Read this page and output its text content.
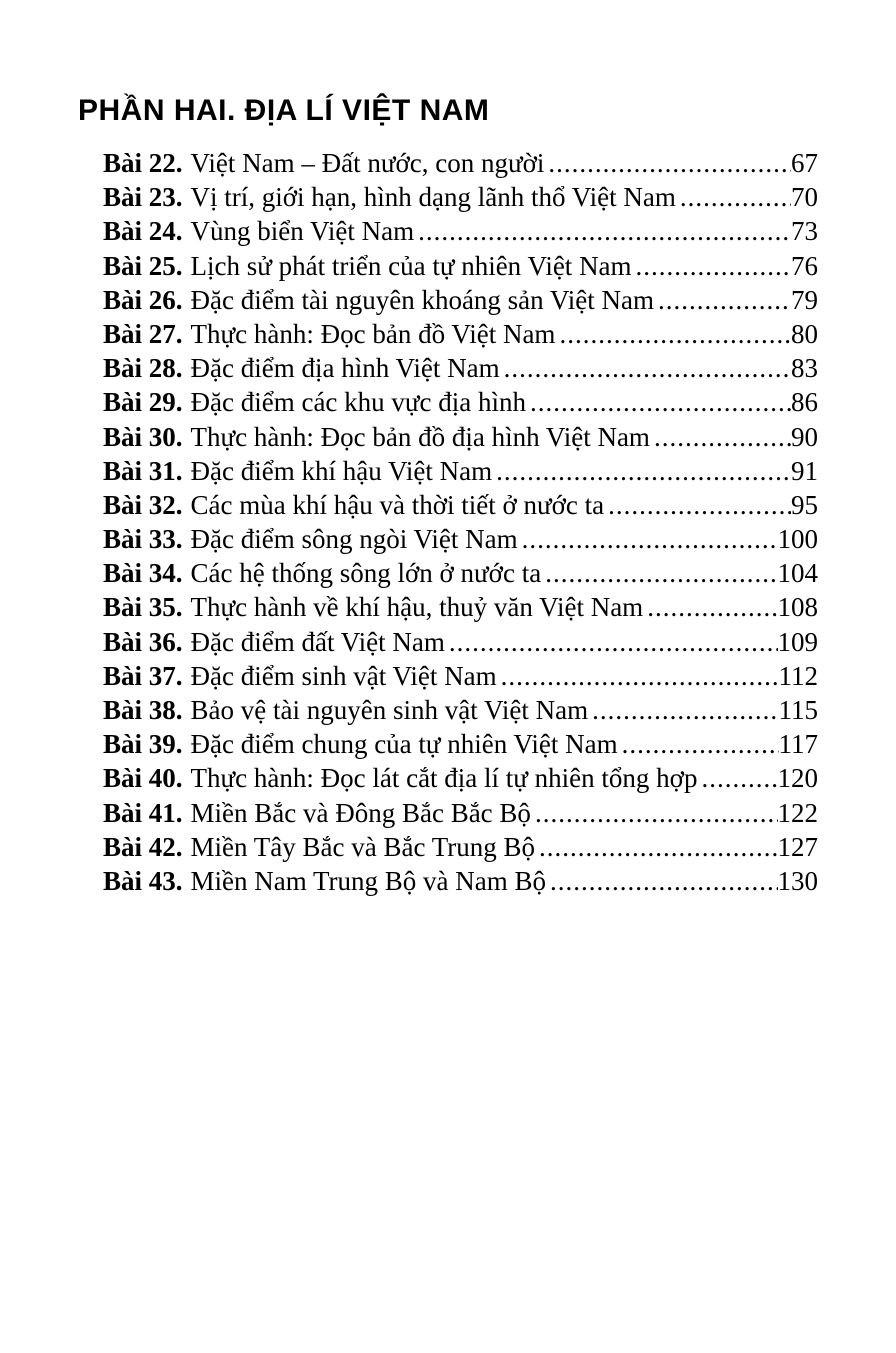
PHẦN HAI. ĐỊA LÍ VIỆT NAM
Bài 22. Việt Nam – Đất nước, con người .....	67
Bài 23. Vị trí, giới hạn, hình dạng lãnh thổ Việt Nam .....	70
Bài 24. Vùng biển Việt Nam .....	73
Bài 25. Lịch sử phát triển của tự nhiên Việt Nam .....	76
Bài 26. Đặc điểm tài nguyên khoáng sản Việt Nam .....	79
Bài 27. Thực hành: Đọc bản đồ Việt Nam .....	80
Bài 28. Đặc điểm địa hình Việt Nam .....	83
Bài 29. Đặc điểm các khu vực địa hình .....	86
Bài 30. Thực hành: Đọc bản đồ địa hình Việt Nam .....	90
Bài 31. Đặc điểm khí hậu Việt Nam .....	91
Bài 32. Các mùa khí hậu và thời tiết ở nước ta .....	95
Bài 33. Đặc điểm sông ngòi Việt Nam .....	100
Bài 34. Các hệ thống sông lớn ở nước ta .....	104
Bài 35. Thực hành về khí hậu, thuỷ văn Việt Nam .....	108
Bài 36. Đặc điểm đất Việt Nam .....	109
Bài 37. Đặc điểm sinh vật Việt Nam .....	112
Bài 38. Bảo vệ tài nguyên sinh vật Việt Nam .....	115
Bài 39. Đặc điểm chung của tự nhiên Việt Nam .....	117
Bài 40. Thực hành: Đọc lát cắt địa lí tự nhiên tổng hợp .....	120
Bài 41. Miền Bắc và Đông Bắc Bắc Bộ .....	122
Bài 42. Miền Tây Bắc và Bắc Trung Bộ .....	127
Bài 43. Miền Nam Trung Bộ và Nam Bộ .....	130
